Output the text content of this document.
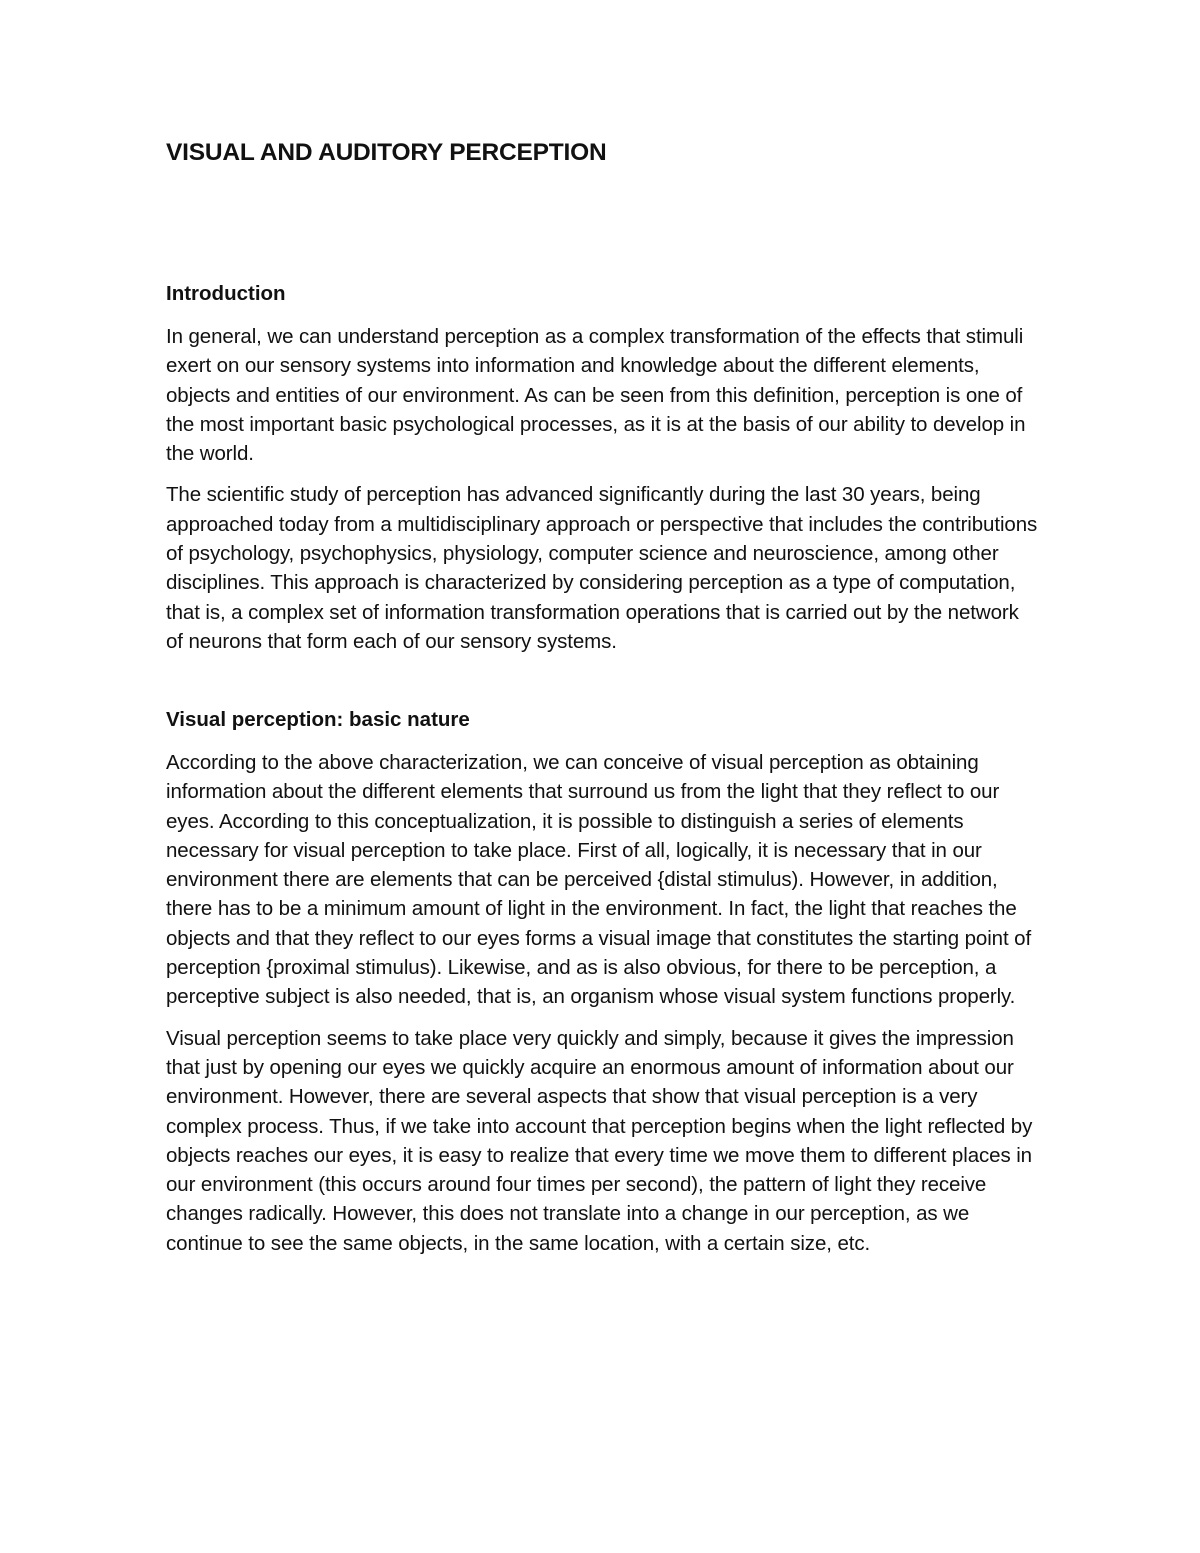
VISUAL AND AUDITORY PERCEPTION
Introduction

In general, we can understand perception as a complex transformation of the effects that stimuli exert on our sensory systems into information and knowledge about the different elements, objects and entities of our environment. As can be seen from this definition, perception is one of the most important basic psychological processes, as it is at the basis of our ability to develop in the world.

The scientific study of perception has advanced significantly during the last 30 years, being approached today from a multidisciplinary approach or perspective that includes the contributions of psychology, psychophysics, physiology, computer science and neuroscience, among other disciplines. This approach is characterized by considering perception as a type of computation, that is, a complex set of information transformation operations that is carried out by the network of neurons that form each of our sensory systems.

Visual perception: basic nature

According to the above characterization, we can conceive of visual perception as obtaining information about the different elements that surround us from the light that they reflect to our eyes. According to this conceptualization, it is possible to distinguish a series of elements necessary for visual perception to take place. First of all, logically, it is necessary that in our environment there are elements that can be perceived {distal stimulus). However, in addition, there has to be a minimum amount of light in the environment. In fact, the light that reaches the objects and that they reflect to our eyes forms a visual image that constitutes the starting point of perception {proximal stimulus). Likewise, and as is also obvious, for there to be perception, a perceptive subject is also needed, that is, an organism whose visual system functions properly.

Visual perception seems to take place very quickly and simply, because it gives the impression that just by opening our eyes we quickly acquire an enormous amount of information about our environment. However, there are several aspects that show that visual perception is a very complex process. Thus, if we take into account that perception begins when the light reflected by objects reaches our eyes, it is easy to realize that every time we move them to different places in our environment (this occurs around four times per second), the pattern of light they receive changes radically. However, this does not translate into a change in our perception, as we continue to see the same objects, in the same location, with a certain size, etc.
